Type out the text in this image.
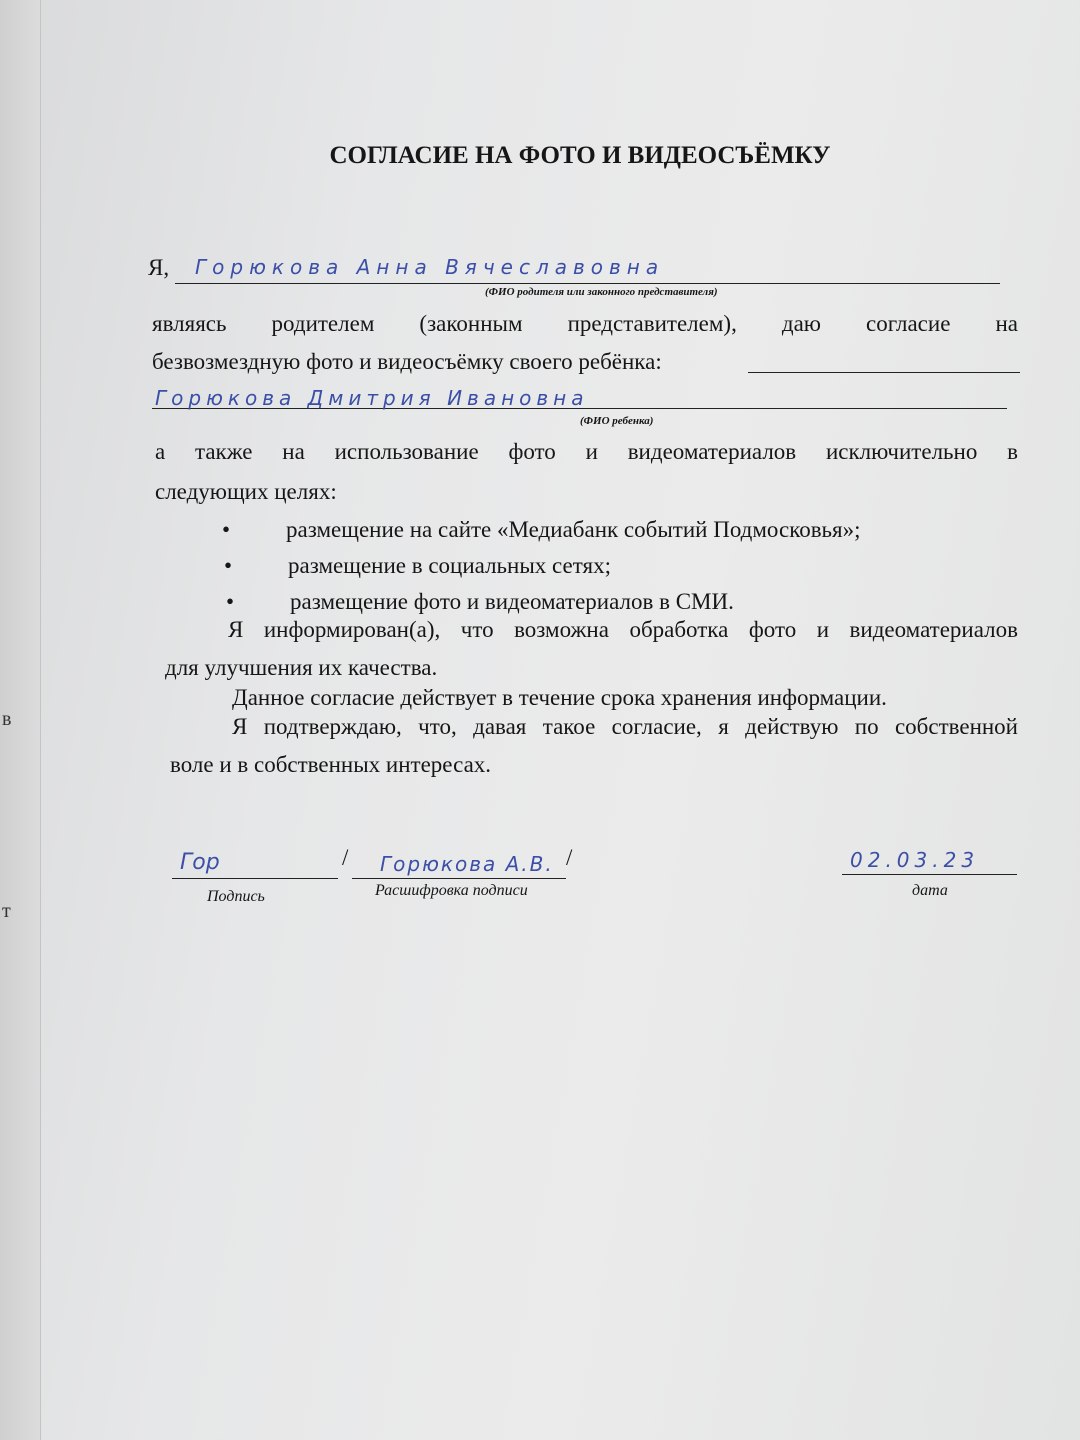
в
т
СОГЛАСИЕ НА ФОТО И ВИДЕОСЪЁМКУ
Я, Горюкова Анна Вячеславовна
(ФИО родителя или законного представителя)
являясь родителем (законным представителем), даю согласие на
безвозмездную фото и видеосъёмку своего ребёнка:
Горюкова Дмитрия Ивановна
(ФИО ребенка)
а также на использование фото и видеоматериалов исключительно в
следующих целях:
• размещение на сайте «Медиабанк событий Подмосковья»;
• размещение в социальных сетях;
• размещение фото и видеоматериалов в СМИ.
Я информирован(а), что возможна обработка фото и видеоматериалов
для улучшения их качества.
Данное согласие действует в течение срока хранения информации.
Я подтверждаю, что, давая такое согласие, я действую по собственной
воле и в собственных интересах.
Гор	/ Горюкова А.В. /
Подпись	Расшифровка подписи
02.03.23
дата
